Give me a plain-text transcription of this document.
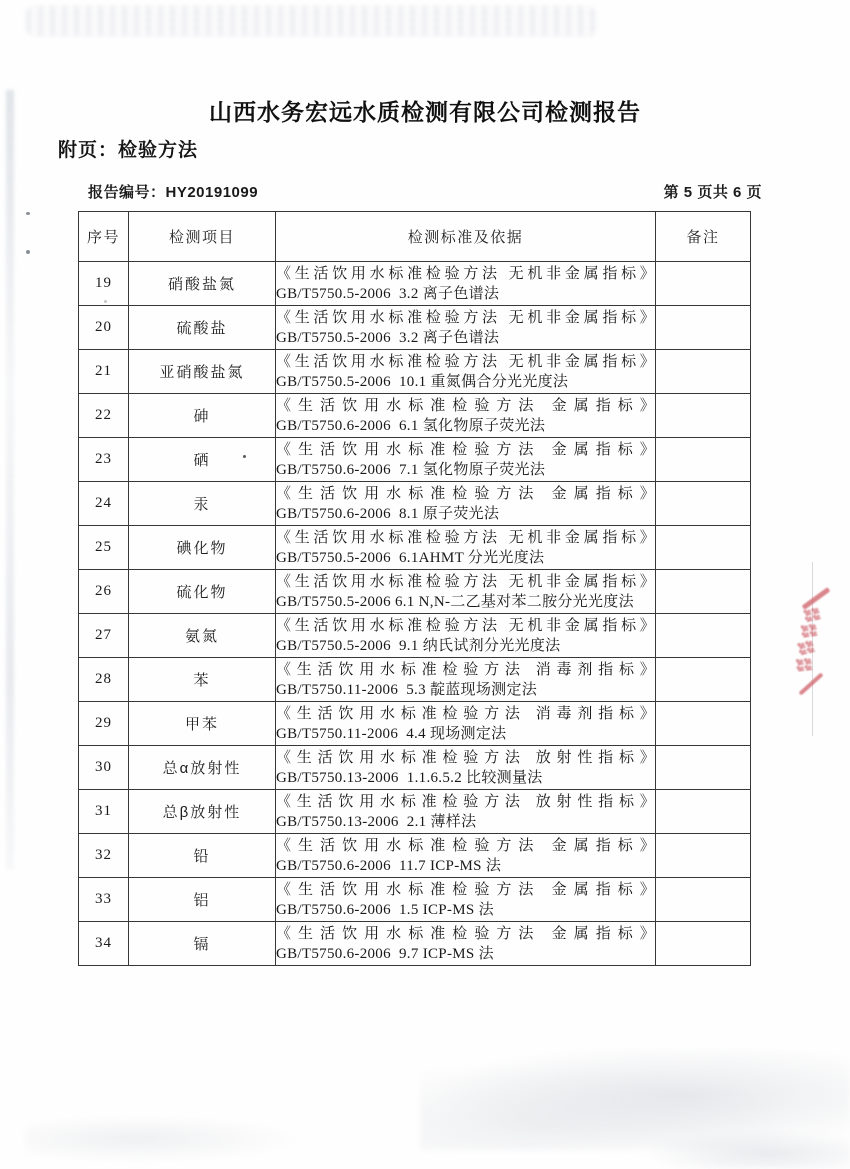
山西水务宏远水质检测有限公司检测报告
附页：检验方法
报告编号：HY20191099	第 5 页共 6 页
序号	检测项目	检测标准及依据	备注
19	硝酸盐氮	《生活饮用水标准检验方法 无机非金属指标》
GB/T5750.5-2006  3.2 离子色谱法	

20	硫酸盐	《生活饮用水标准检验方法 无机非金属指标》
GB/T5750.5-2006  3.2 离子色谱法	

21	亚硝酸盐氮	《生活饮用水标准检验方法 无机非金属指标》
GB/T5750.5-2006  10.1 重氮偶合分光光度法	

22	砷	《生活饮用水标准检验方法 金属指标》
GB/T5750.6-2006  6.1 氢化物原子荧光法	

23	硒	《生活饮用水标准检验方法 金属指标》
GB/T5750.6-2006  7.1 氢化物原子荧光法	

24	汞	《生活饮用水标准检验方法 金属指标》
GB/T5750.6-2006  8.1 原子荧光法	

25	碘化物	《生活饮用水标准检验方法 无机非金属指标》
GB/T5750.5-2006  6.1AHMT 分光光度法	

26	硫化物	《生活饮用水标准检验方法 无机非金属指标》
GB/T5750.5-2006 6.1 N,N-二乙基对苯二胺分光光度法	

27	氨氮	《生活饮用水标准检验方法 无机非金属指标》
GB/T5750.5-2006  9.1 纳氏试剂分光光度法	

28	苯	《生活饮用水标准检验方法 消毒剂指标》
GB/T5750.11-2006  5.3 靛蓝现场测定法	

29	甲苯	《生活饮用水标准检验方法 消毒剂指标》
GB/T5750.11-2006  4.4 现场测定法	

30	总α放射性	《生活饮用水标准检验方法 放射性指标》
GB/T5750.13-2006  1.1.6.5.2 比较测量法	

31	总β放射性	《生活饮用水标准检验方法 放射性指标》
GB/T5750.13-2006  2.1 薄样法	

32	铅	《生活饮用水标准检验方法 金属指标》
GB/T5750.6-2006  11.7 ICP-MS 法	

33	铝	《生活饮用水标准检验方法 金属指标》
GB/T5750.6-2006  1.5 ICP-MS 法	

34	镉	《生活饮用水标准检验方法 金属指标》
GB/T5750.6-2006  9.7 ICP-MS 法	
